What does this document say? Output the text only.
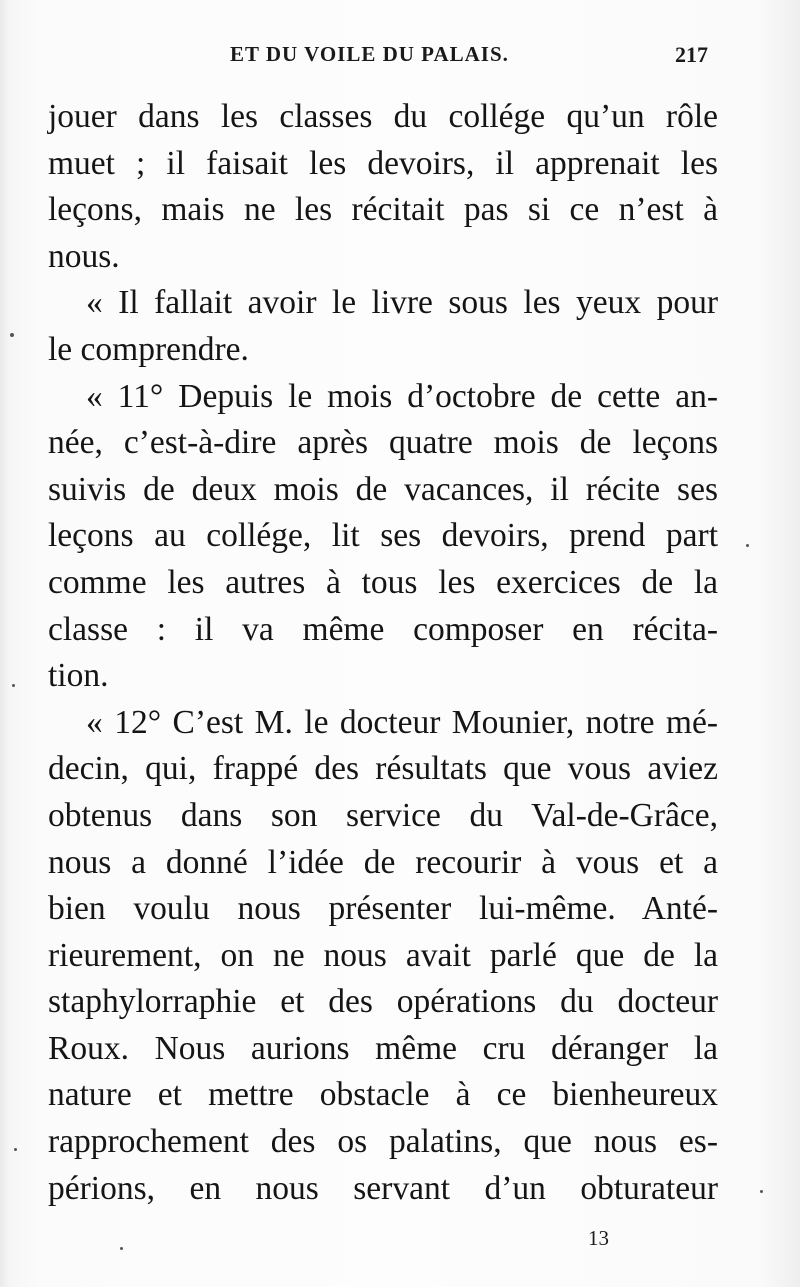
ET DU VOILE DU PALAIS.	217
jouer dans les classes du collége qu’un rôle
muet ; il faisait les devoirs, il apprenait les
leçons, mais ne les récitait pas si ce n’est à
nous.
« Il fallait avoir le livre sous les yeux pour
le comprendre.
« 11° Depuis le mois d’octobre de cette an-
née, c’est-à-dire après quatre mois de leçons
suivis de deux mois de vacances, il récite ses
leçons au collége, lit ses devoirs, prend part
comme les autres à tous les exercices de la
classe : il va même composer en récita-
tion.
« 12° C’est M. le docteur Mounier, notre mé-
decin, qui, frappé des résultats que vous aviez
obtenus dans son service du Val-de-Grâce,
nous a donné l’idée de recourir à vous et a
bien voulu nous présenter lui-même. Anté-
rieurement, on ne nous avait parlé que de la
staphylorraphie et des opérations du docteur
Roux. Nous aurions même cru déranger la
nature et mettre obstacle à ce bienheureux
rapprochement des os palatins, que nous es-
périons, en nous servant d’un obturateur
13
